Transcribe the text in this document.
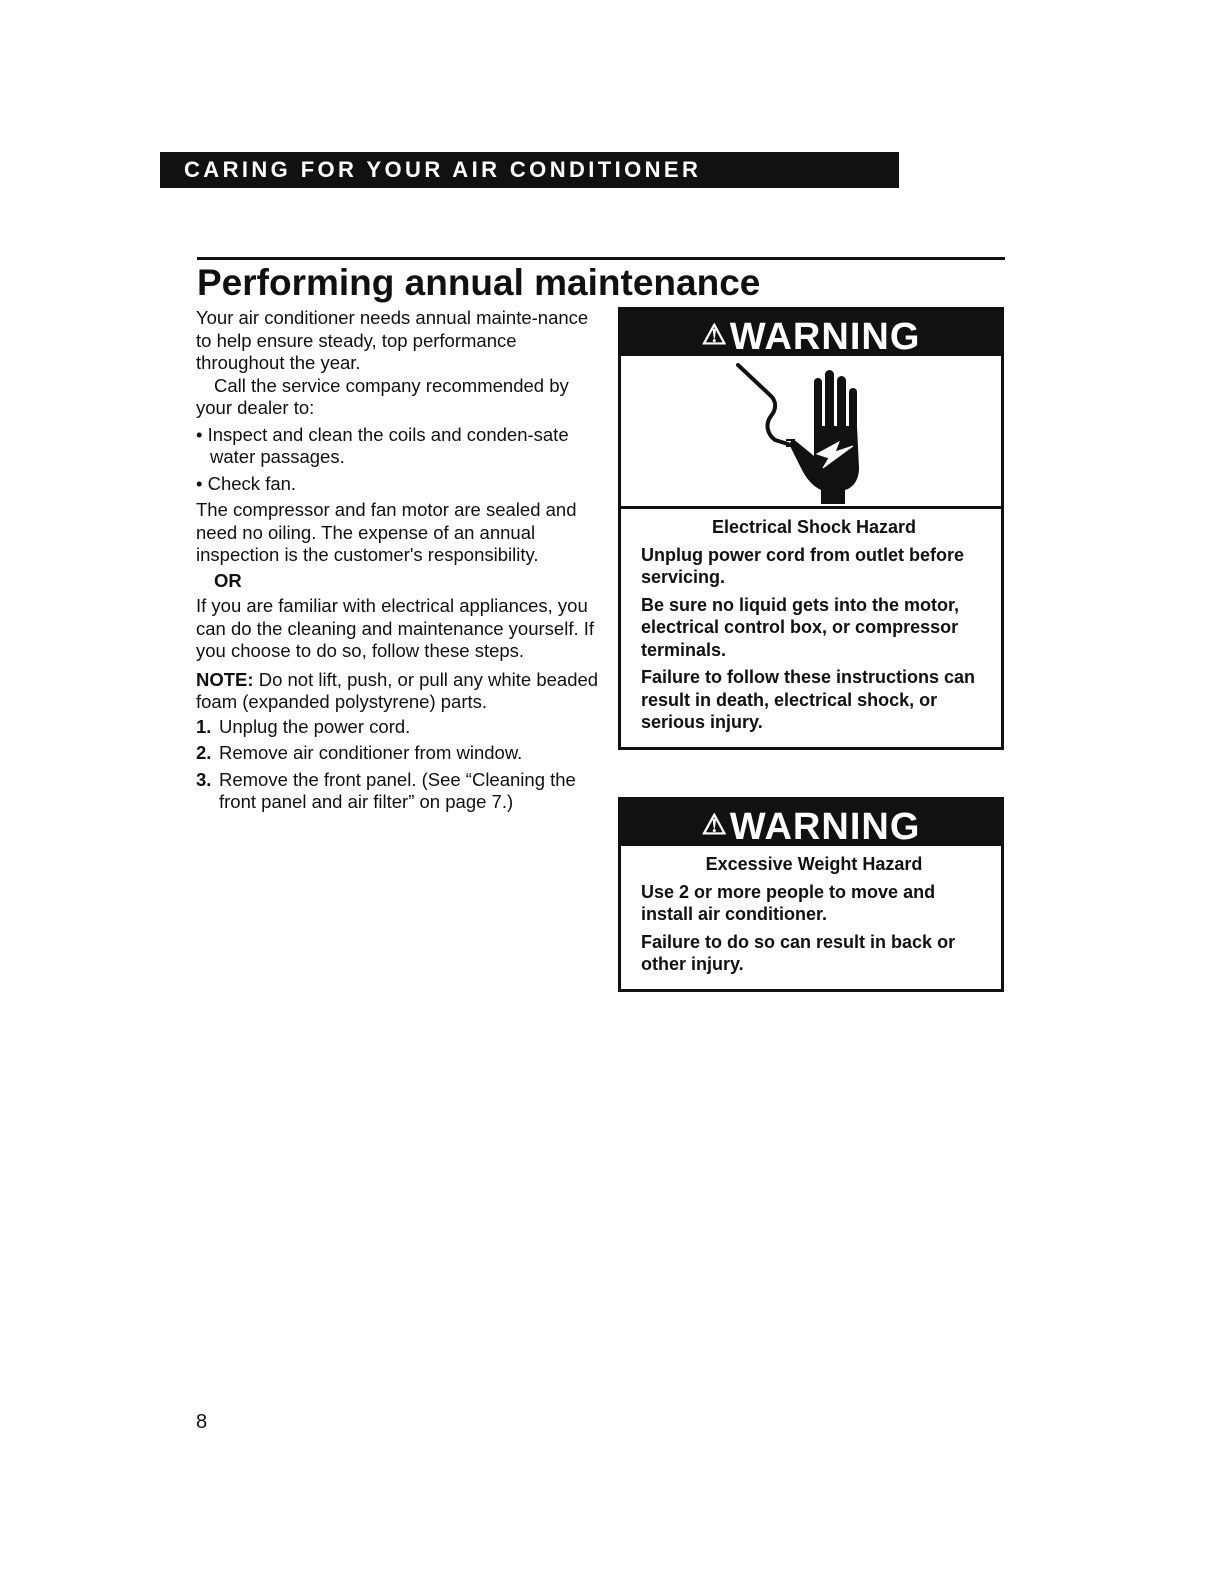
CARING FOR YOUR AIR CONDITIONER
Performing annual maintenance

Your air conditioner needs annual mainte-nance to help ensure steady, top performance throughout the year.

Call the service company recommended by your dealer to:

• Inspect and clean the coils and conden-sate water passages.
• Check fan.

The compressor and fan motor are sealed and need no oiling. The expense of an annual inspection is the customer's responsibility.

OR

If you are familiar with electrical appliances, you can do the cleaning and maintenance yourself. If you choose to do so, follow these steps.

NOTE: Do not lift, push, or pull any white beaded foam (expanded polystyrene) parts.

1. Unplug the power cord.
2. Remove air conditioner from window.
3. Remove the front panel. (See “Cleaning the front panel and air filter” on page 7.)
⚠WARNING

Electrical Shock Hazard

Unplug power cord from outlet before servicing.

Be sure no liquid gets into the motor, electrical control box, or compressor terminals.

Failure to follow these instructions can result in death, electrical shock, or serious injury.

⚠WARNING

Excessive Weight Hazard

Use 2 or more people to move and install air conditioner.

Failure to do so can result in back or other injury.

8
